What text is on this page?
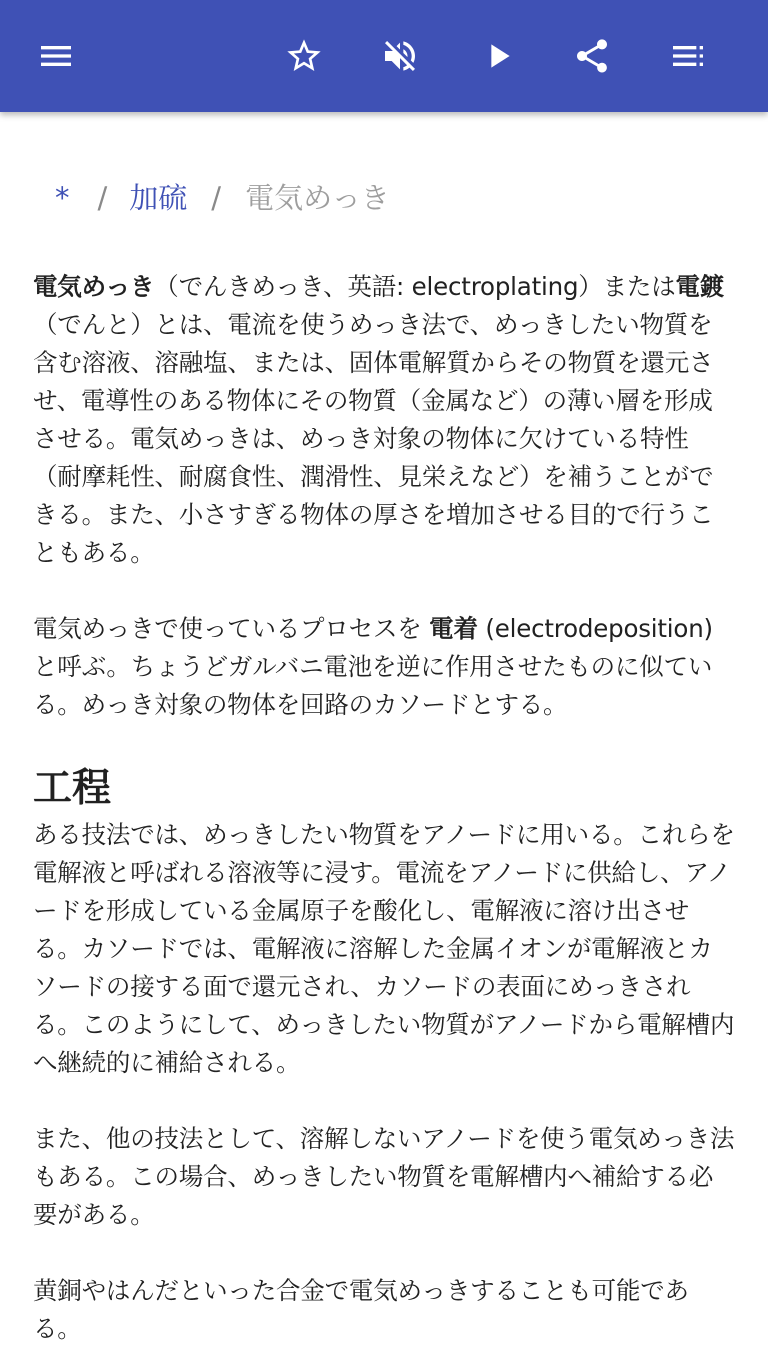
* / 加硫 / 電気めっき

電気めっき（でんきめっき、英語: electroplating）または電鍍（でんと）とは、電流を使うめっき法で、めっきしたい物質を含む溶液、溶融塩、または、固体電解質からその物質を還元させ、電導性のある物体にその物質（金属など）の薄い層を形成させる。電気めっきは、めっき対象の物体に欠けている特性（耐摩耗性、耐腐食性、潤滑性、見栄えなど）を補うことができる。また、小さすぎる物体の厚さを増加させる目的で行うこともある。

電気めっきで使っているプロセスを 電着 (electrodeposition) と呼ぶ。ちょうどガルバニ電池を逆に作用させたものに似ている。めっき対象の物体を回路のカソードとする。

工程

ある技法では、めっきしたい物質をアノードに用いる。これらを電解液と呼ばれる溶液等に浸す。電流をアノードに供給し、アノードを形成している金属原子を酸化し、電解液に溶け出させる。カソードでは、電解液に溶解した金属イオンが電解液とカソードの接する面で還元され、カソードの表面にめっきされる。このようにして、めっきしたい物質がアノードから電解槽内へ継続的に補給される。

また、他の技法として、溶解しないアノードを使う電気めっき法もある。この場合、めっきしたい物質を電解槽内へ補給する必要がある。

黄銅やはんだといった合金で電気めっきすることも可能である。
